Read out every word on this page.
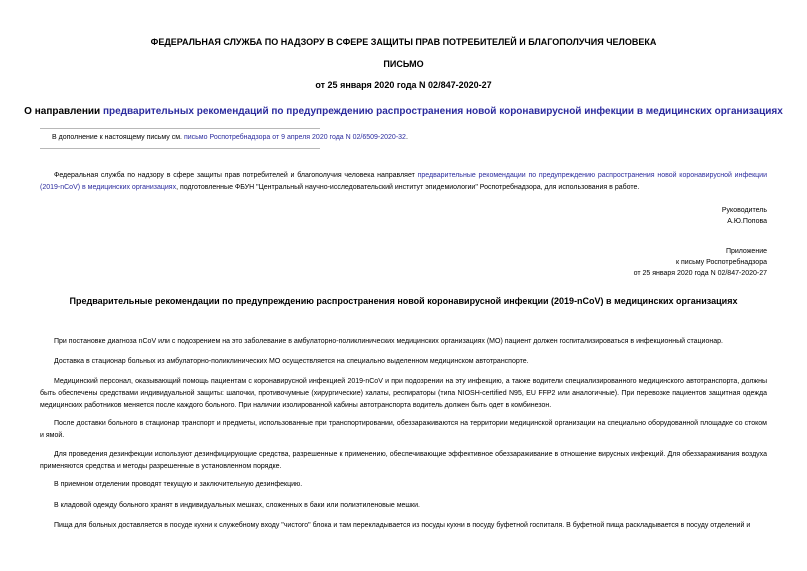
ФЕДЕРАЛЬНАЯ СЛУЖБА ПО НАДЗОРУ В СФЕРЕ ЗАЩИТЫ ПРАВ ПОТРЕБИТЕЛЕЙ И БЛАГОПОЛУЧИЯ ЧЕЛОВЕКА
ПИСЬМО
от 25 января 2020 года N 02/847-2020-27
О направлении предварительных рекомендаций по предупреждению распространения новой коронавирусной инфекции в медицинских организациях
В дополнение к настоящему письму см. письмо Роспотребнадзора от 9 апреля 2020 года N 02/6509-2020-32.
Федеральная служба по надзору в сфере защиты прав потребителей и благополучия человека направляет предварительные рекомендации по предупреждению распространения новой коронавирусной инфекции (2019-nCoV) в медицинских организациях, подготовленные ФБУН "Центральный научно-исследовательский институт эпидемиологии" Роспотребнадзора, для использования в работе.
Руководитель
А.Ю.Попова
Приложение
к письму Роспотребнадзора
от 25 января 2020 года N 02/847-2020-27
Предварительные рекомендации по предупреждению распространения новой коронавирусной инфекции (2019-nCoV) в медицинских организациях
При постановке диагноза nCoV или с подозрением на это заболевание в амбулаторно-поликлинических медицинских организациях (МО) пациент должен госпитализироваться в инфекционный стационар.
Доставка в стационар больных из амбулаторно-поликлинических МО осуществляется на специально выделенном медицинском автотранспорте.
Медицинский персонал, оказывающий помощь пациентам с коронавирусной инфекцией 2019-nCoV и при подозрении на эту инфекцию, а также водители специализированного медицинского автотранспорта, должны быть обеспечены средствами индивидуальной защиты: шапочки, противочумные (хирургические) халаты, респираторы (типа NIOSH-certified N95, EU FFP2 или аналогичные). При перевозке пациентов защитная одежда медицинских работников меняется после каждого больного. При наличии изолированной кабины автотранспорта водитель должен быть одет в комбинезон.
После доставки больного в стационар транспорт и предметы, использованные при транспортировании, обеззараживаются на территории медицинской организации на специально оборудованной площадке со стоком и ямой.
Для проведения дезинфекции используют дезинфицирующие средства, разрешенные к применению, обеспечивающие эффективное обеззараживание в отношение вирусных инфекций. Для обеззараживания воздуха применяются средства и методы разрешенные в установленном порядке.
В приемном отделении проводят текущую и заключительную дезинфекцию.
В кладовой одежду больного хранят в индивидуальных мешках, сложенных в баки или полиэтиленовые мешки.
Пища для больных доставляется в посуде кухни к служебному входу "чистого" блока и там перекладывается из посуды кухни в посуду буфетной госпиталя. В буфетной пища раскладывается в посуду отделений и
